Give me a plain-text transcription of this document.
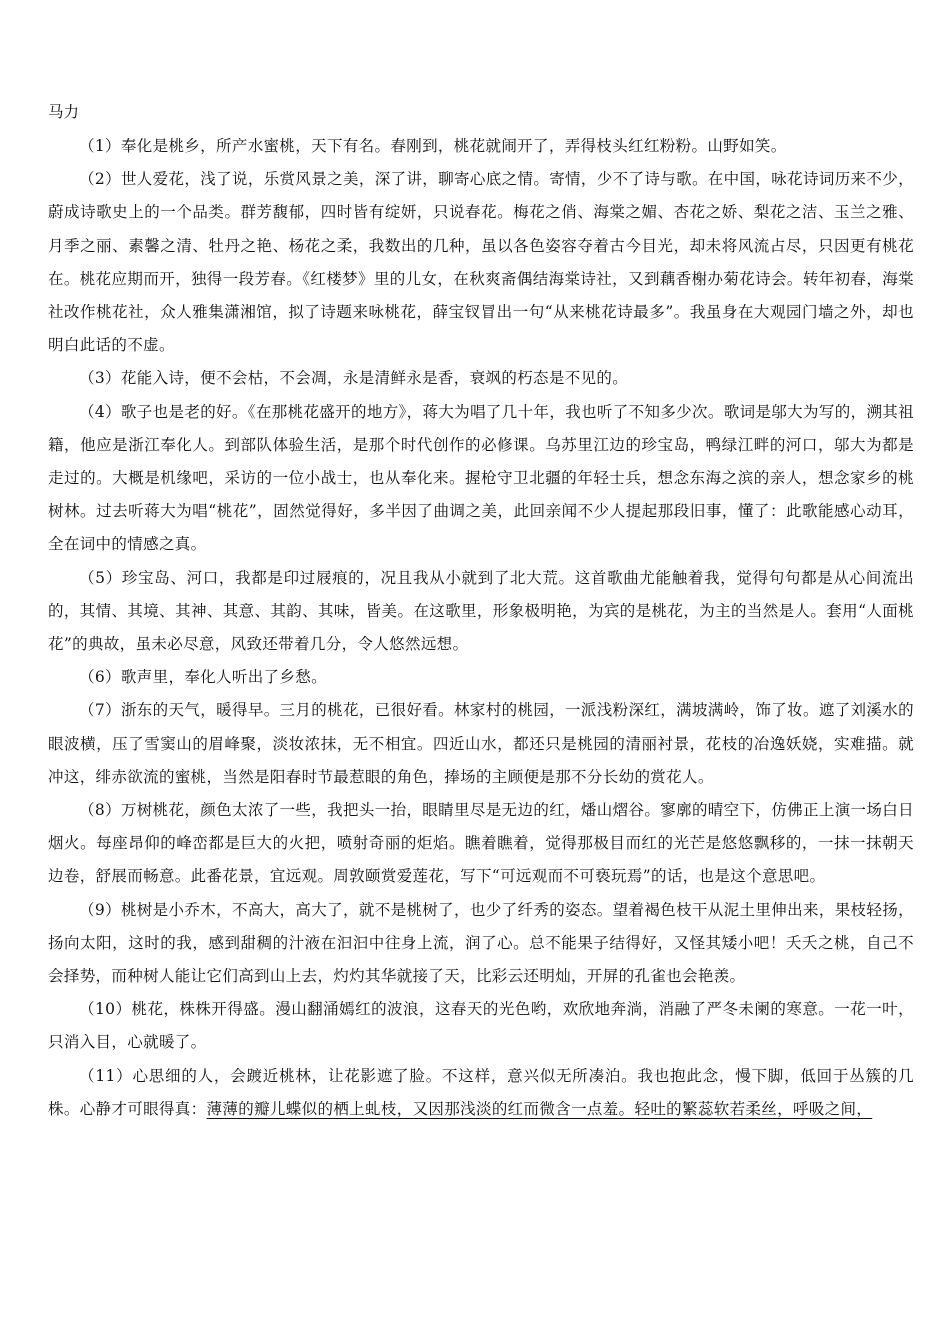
马力

（1）奉化是桃乡，所产水蜜桃，天下有名。春刚到，桃花就闹开了，弄得枝头红红粉粉。山野如笑。

（2）世人爱花，浅了说，乐赏风景之美，深了讲，聊寄心底之情。寄情，少不了诗与歌。在中国，咏花诗词历来不少，蔚成诗歌史上的一个品类。群芳馥郁，四时皆有绽妍，只说春花。梅花之俏、海棠之媚、杏花之娇、梨花之洁、玉兰之雅、月季之丽、素馨之清、牡丹之艳、杨花之柔，我数出的几种，虽以各色姿容夺着古今目光，却未将风流占尽，只因更有桃花在。桃花应期而开，独得一段芳春。《红楼梦》里的儿女，在秋爽斋偶结海棠诗社，又到藕香榭办菊花诗会。转年初春，海棠社改作桃花社，众人雅集潇湘馆，拟了诗题来咏桃花，薛宝钗冒出一句“从来桃花诗最多”。我虽身在大观园门墙之外，却也明白此话的不虚。

（3）花能入诗，便不会枯，不会凋，永是清鲜永是香，衰飒的朽态是不见的。

（4）歌子也是老的好。《在那桃花盛开的地方》，蒋大为唱了几十年，我也听了不知多少次。歌词是邬大为写的，溯其祖籍，他应是浙江奉化人。到部队体验生活，是那个时代创作的必修课。乌苏里江边的珍宝岛，鸭绿江畔的河口，邬大为都是走过的。大概是机缘吧，采访的一位小战士，也从奉化来。握枪守卫北疆的年轻士兵，想念东海之滨的亲人，想念家乡的桃树林。过去听蒋大为唱“桃花”，固然觉得好，多半因了曲调之美，此回亲闻不少人提起那段旧事，懂了：此歌能感心动耳，全在词中的情感之真。

（5）珍宝岛、河口，我都是印过屐痕的，况且我从小就到了北大荒。这首歌曲尤能触着我，觉得句句都是从心间流出的，其情、其境、其神、其意、其韵、其味，皆美。在这歌里，形象极明艳，为宾的是桃花，为主的当然是人。套用“人面桃花”的典故，虽未必尽意，风致还带着几分，令人悠然远想。

（6）歌声里，奉化人听出了乡愁。

（7）浙东的天气，暖得早。三月的桃花，已很好看。林家村的桃园，一派浅粉深红，满坡满岭，饰了妆。遮了刘溪水的眼波横，压了雪窦山的眉峰聚，淡妆浓抹，无不相宜。四近山水，都还只是桃园的清丽衬景，花枝的冶逸妖娆，实难描。就冲这，绯赤欲流的蜜桃，当然是阳春时节最惹眼的角色，捧场的主顾便是那不分长幼的赏花人。

（8）万树桃花，颜色太浓了一些，我把头一抬，眼睛里尽是无边的红，燔山熠谷。寥廓的晴空下，仿佛正上演一场白日烟火。每座昂仰的峰峦都是巨大的火把，喷射奇丽的炬焰。瞧着瞧着，觉得那极目而红的光芒是悠悠飘移的，一抹一抹朝天边卷，舒展而畅意。此番花景，宜远观。周敦颐赏爱莲花，写下“可远观而不可亵玩焉”的话，也是这个意思吧。

（9）桃树是小乔木，不高大，高大了，就不是桃树了，也少了纤秀的姿态。望着褐色枝干从泥土里伸出来，果枝轻扬，扬向太阳，这时的我，感到甜稠的汁液在汩汩中往身上流，润了心。总不能果子结得好，又怪其矮小吧！夭夭之桃，自己不会择势，而种树人能让它们高到山上去，灼灼其华就接了天，比彩云还明灿，开屏的孔雀也会艳羡。

（10）桃花，株株开得盛。漫山翻涌嫣红的波浪，这春天的光色哟，欢欣地奔淌，消融了严冬未阑的寒意。一花一叶，只消入目，心就暖了。

（11）心思细的人，会踱近桃林，让花影遮了脸。不这样，意兴似无所凑泊。我也抱此念，慢下脚，低回于丛簇的几株。心静才可眼得真：薄薄的瓣儿蝶似的栖上虬枝，又因那浅淡的红而微含一点羞。轻吐的繁蕊软若柔丝，呼吸之间，
